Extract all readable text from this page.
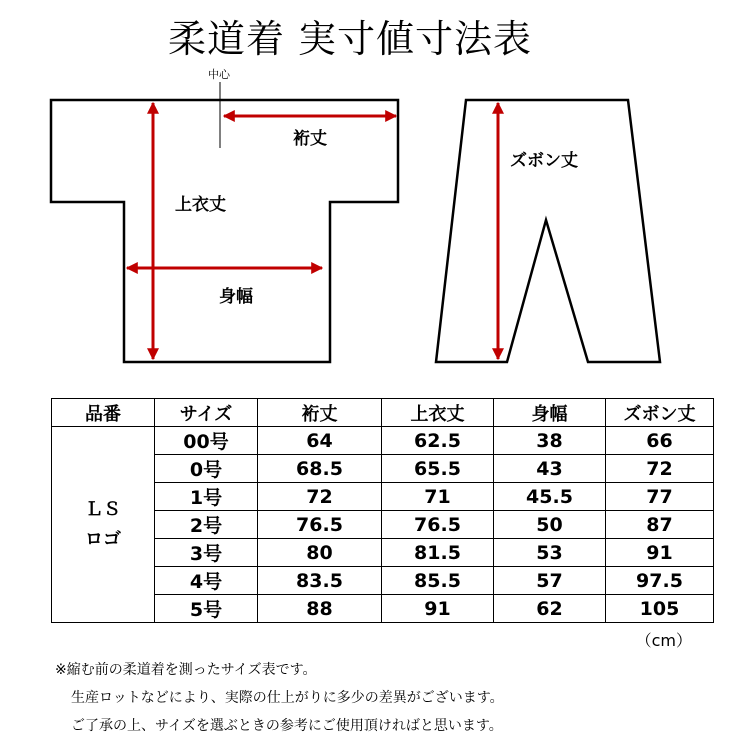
柔道着 実寸値寸法表
中心
裄丈
上衣丈
身幅
ズボン丈
品番	サイズ	裄丈	上衣丈	身幅	ズボン丈

ＬＳ
ロゴ	00号	64	62.5	38	66
	0号	68.5	65.5	43	72
	1号	72	71	45.5	77
	2号	76.5	76.5	50	87
	3号	80	81.5	53	91
	4号	83.5	85.5	57	97.5
	5号	88	91	62	105
（cm）
※縮む前の柔道着を測ったサイズ表です。
生産ロットなどにより、実際の仕上がりに多少の差異がございます。
ご了承の上、サイズを選ぶときの参考にご使用頂ければと思います。
